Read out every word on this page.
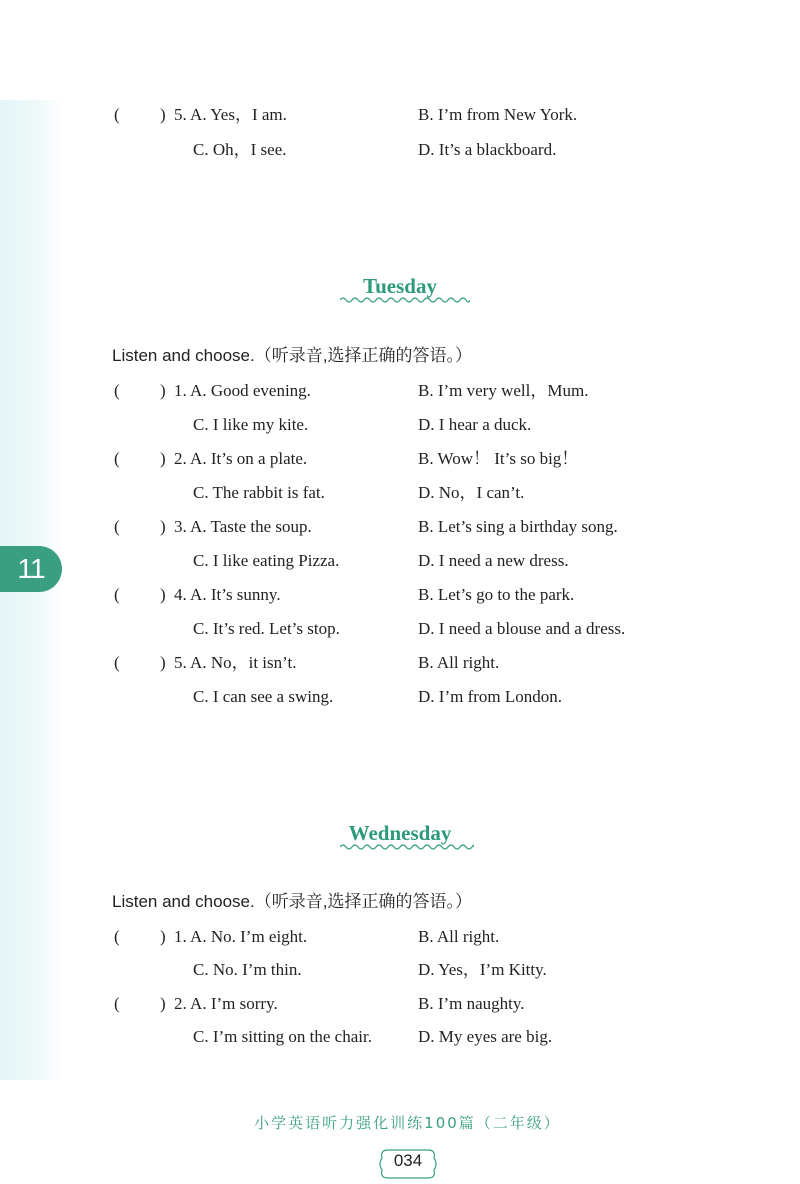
11
( ) 5. A. Yes，I am.	B. I’m from New York.
C. Oh，I see.	D. It’s a blackboard.
Tuesday
Listen and choose.（听录音,选择正确的答语。）
( ) 1. A. Good evening.	B. I’m very well，Mum.
C. I like my kite.	D. I hear a duck.
( ) 2. A. It’s on a plate.	B. Wow！ It’s so big！
C. The rabbit is fat.	D. No，I can’t.
( ) 3. A. Taste the soup.	B. Let’s sing a birthday song.
C. I like eating Pizza.	D. I need a new dress.
( ) 4. A. It’s sunny.	B. Let’s go to the park.
C. It’s red. Let’s stop.	D. I need a blouse and a dress.
( ) 5. A. No，it isn’t.	B. All right.
C. I can see a swing.	D. I’m from London.
Wednesday
Listen and choose.（听录音,选择正确的答语。）
( ) 1. A. No. I’m eight.	B. All right.
C. No. I’m thin.	D. Yes，I’m Kitty.
( ) 2. A. I’m sorry.	B. I’m naughty.
C. I’m sitting on the chair.	D. My eyes are big.
小学英语听力强化训练100篇（二年级）
034
